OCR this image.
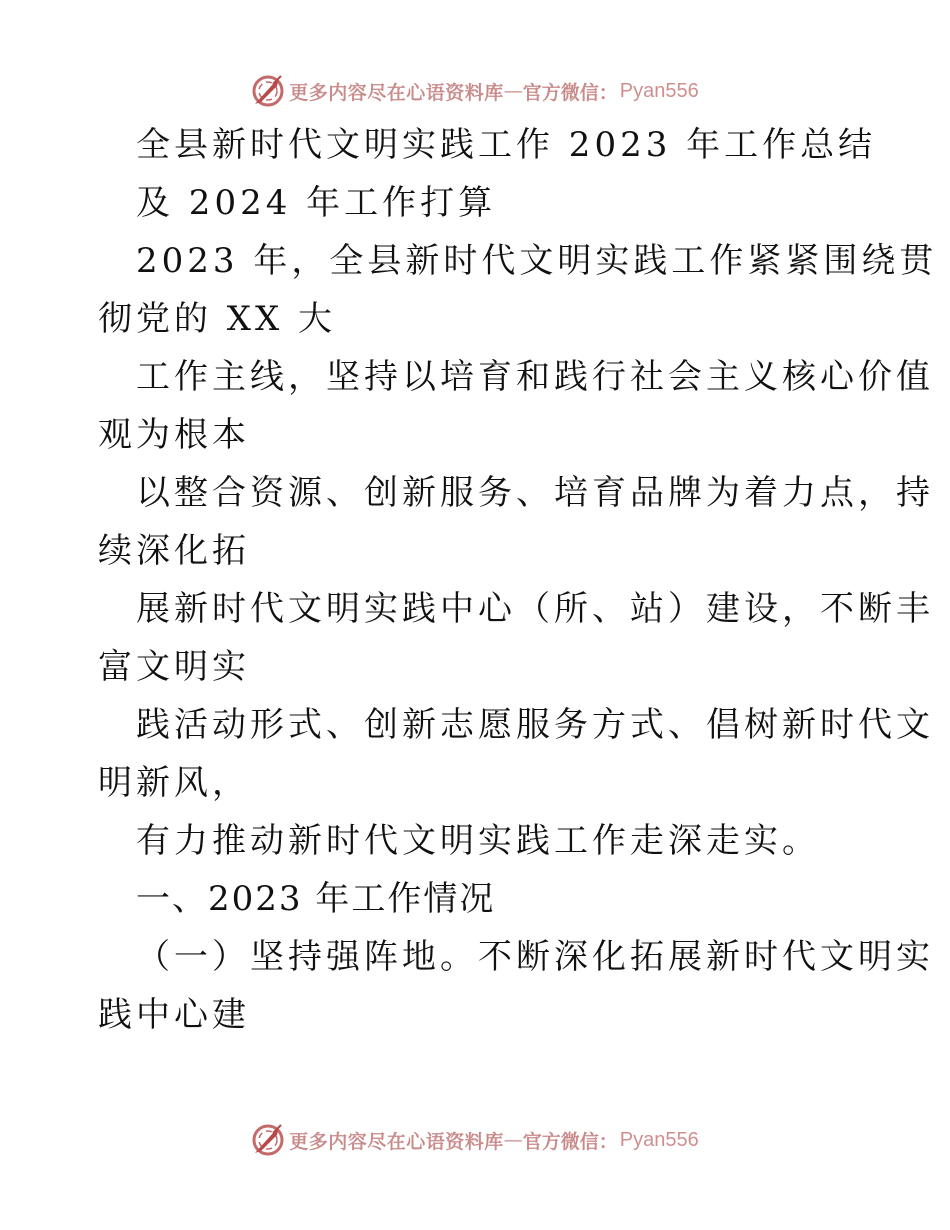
更多内容尽在心语资料库 — 官方微信： Pyan556
全县新时代文明实践工作 2023 年工作总结
及 2024 年工作打算
2023 年，全县新时代文明实践工作紧紧围绕贯
彻党的 XX 大
工作主线，坚持以培育和践行社会主义核心价值
观为根本
以整合资源、创新服务、培育品牌为着力点，持
续深化拓
展新时代文明实践中心（所、站）建设，不断丰
富文明实
践活动形式、创新志愿服务方式、倡树新时代文
明新风，
有力推动新时代文明实践工作走深走实。
一、2023 年工作情况
（一）坚持强阵地。不断深化拓展新时代文明实
践中心建
更多内容尽在心语资料库 — 官方微信： Pyan556
